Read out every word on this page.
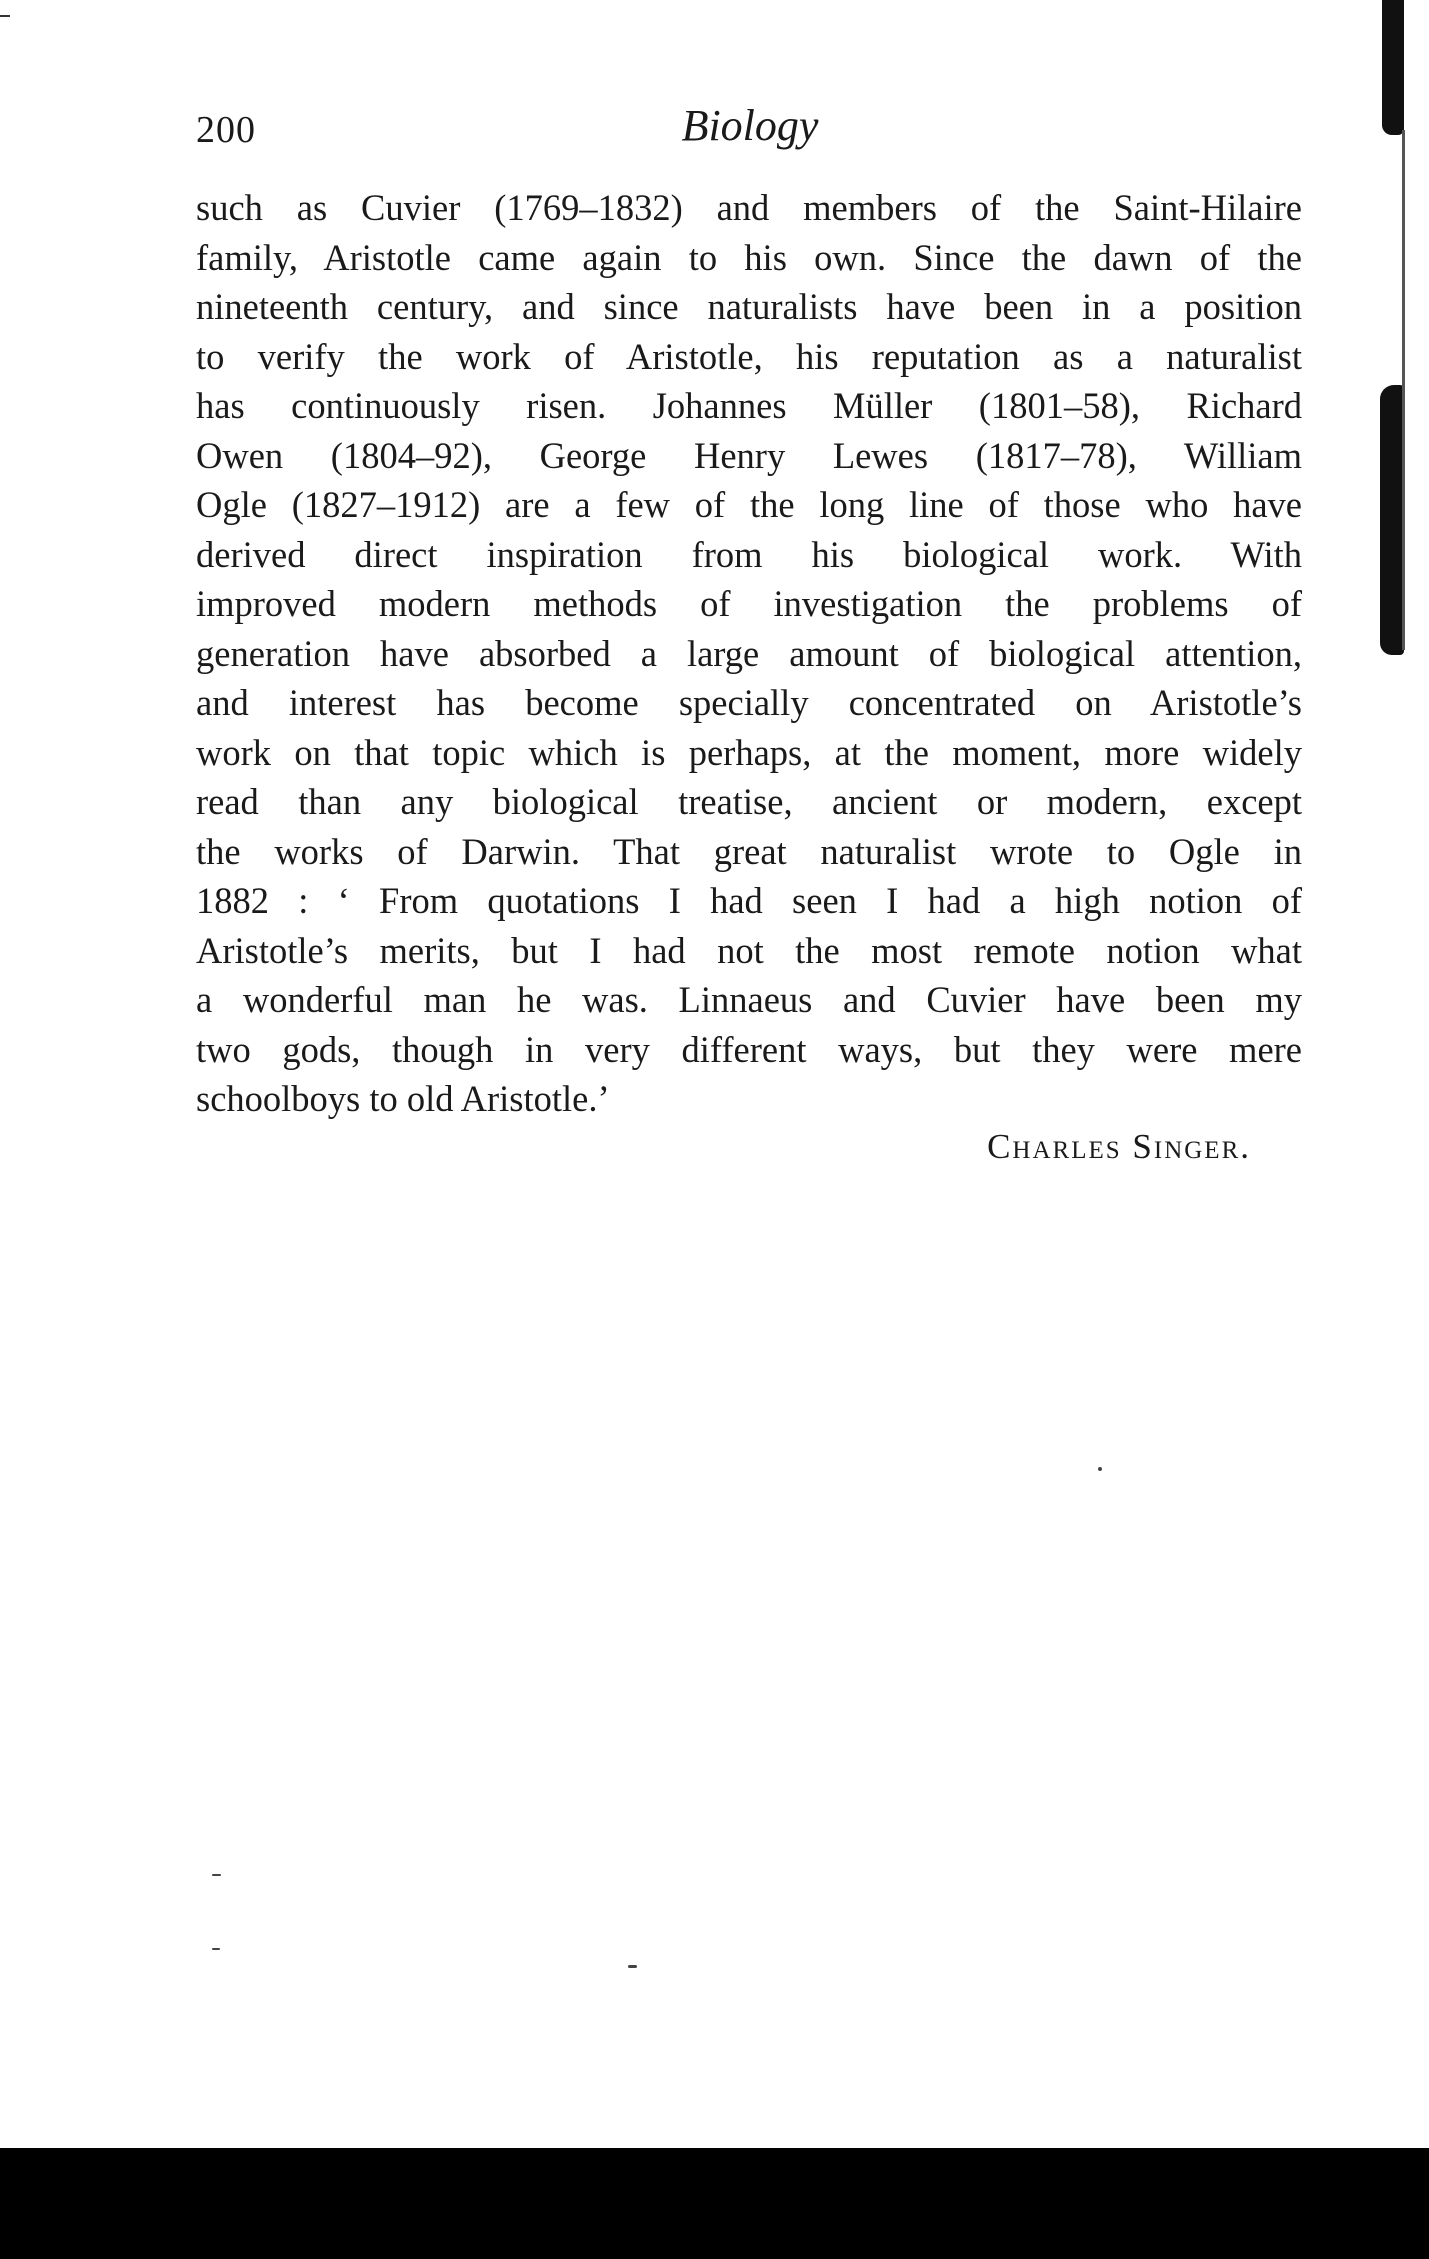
200	Biology
such as Cuvier (1769–1832) and members of the Saint-Hilaire
family, Aristotle came again to his own. Since the dawn of the
nineteenth century, and since naturalists have been in a position
to verify the work of Aristotle, his reputation as a naturalist
has continuously risen. Johannes Müller (1801–58), Richard
Owen (1804–92), George Henry Lewes (1817–78), William
Ogle (1827–1912) are a few of the long line of those who have
derived direct inspiration from his biological work. With
improved modern methods of investigation the problems of
generation have absorbed a large amount of biological attention,
and interest has become specially concentrated on Aristotle’s
work on that topic which is perhaps, at the moment, more widely
read than any biological treatise, ancient or modern, except
the works of Darwin. That great naturalist wrote to Ogle in
1882 : ‘ From quotations I had seen I had a high notion of
Aristotle’s merits, but I had not the most remote notion what
a wonderful man he was. Linnaeus and Cuvier have been my
two gods, though in very different ways, but they were mere
schoolboys to old Aristotle.’
Charles Singer.
